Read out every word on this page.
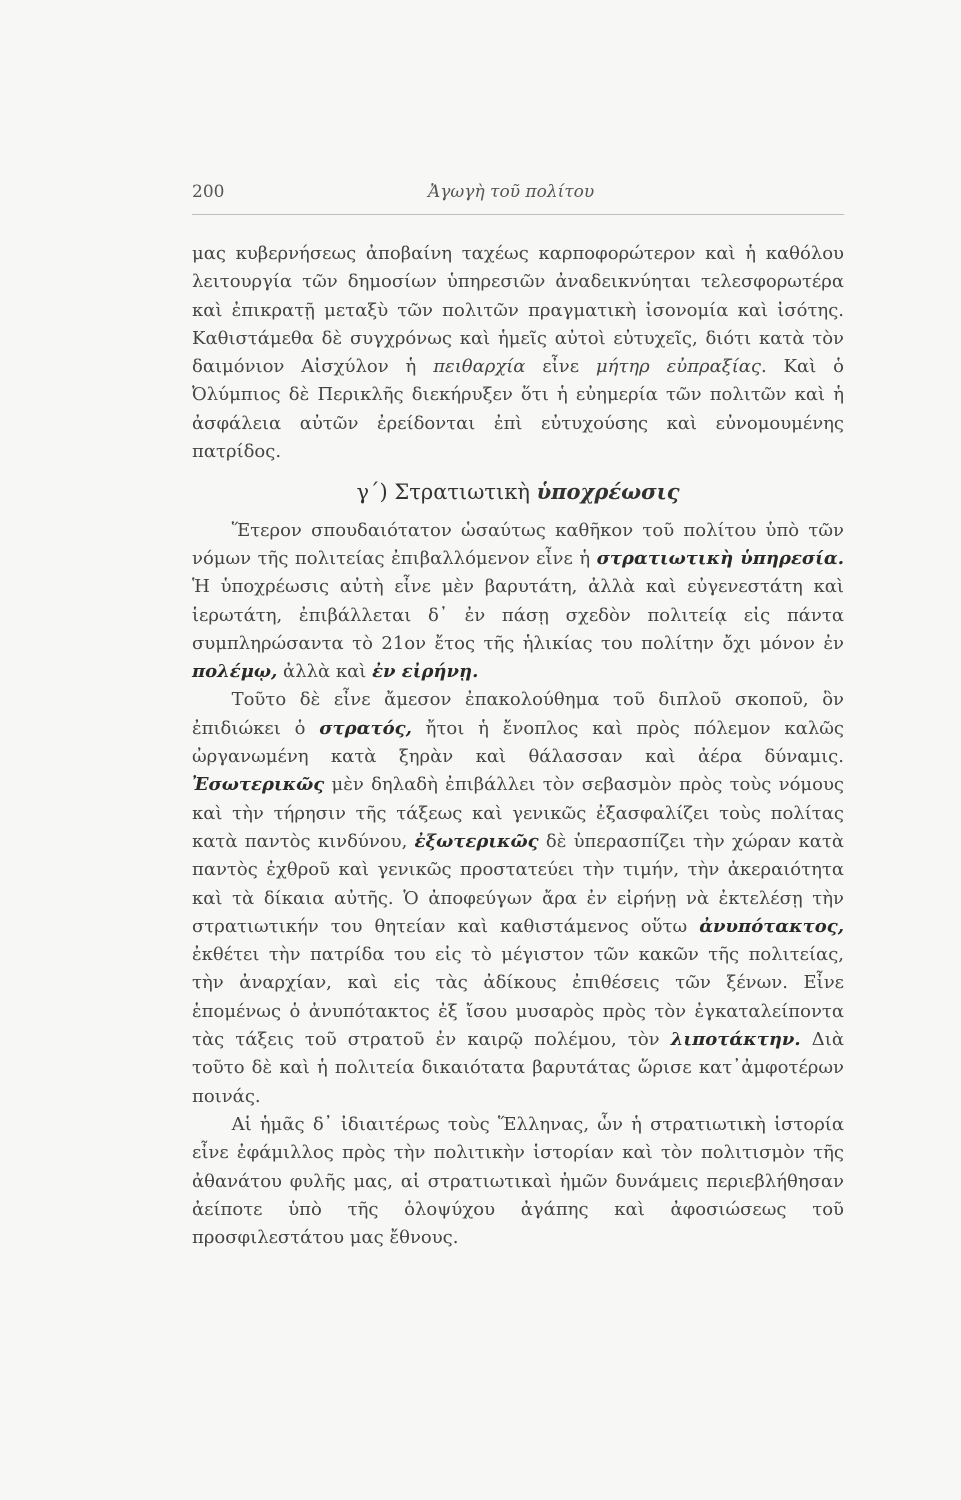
200	Ἀγωγὴ τοῦ πολίτου

μας κυβερνήσεως ἀποβαίνη ταχέως καρποφορώτερον καὶ ἡ καθόλου λειτουργία τῶν δημοσίων ὑπηρεσιῶν ἀναδεικνύηται τελεσφορωτέρα καὶ ἐπικρατῇ μεταξὺ τῶν πολιτῶν πραγματικὴ ἰσονομία καὶ ἰσότης. Καθιστάμεθα δὲ συγχρόνως καὶ ἡμεῖς αὐτοὶ εὐτυχεῖς, διότι κατὰ τὸν δαιμόνιον Αἰσχύλον ἡ πειθαρχία εἶνε μήτηρ εὐπραξίας. Καὶ ὁ Ὀλύμπιος δὲ Περικλῆς διεκήρυξεν ὅτι ἡ εὐημερία τῶν πολιτῶν καὶ ἡ ἀσφάλεια αὐτῶν ἐρείδονται ἐπὶ εὐτυχούσης καὶ εὐνομουμένης πατρίδος.

γ΄) Στρατιωτικὴ ὑποχρέωσις

Ἕτερον σπουδαιότατον ὡσαύτως καθῆκον τοῦ πολίτου ὑπὸ τῶν νόμων τῆς πολιτείας ἐπιβαλλόμενον εἶνε ἡ στρατιωτικὴ ὑπηρεσία. Ἡ ὑποχρέωσις αὐτὴ εἶνε μὲν βαρυτάτη, ἀλλὰ καὶ εὐγενεστάτη καὶ ἱερωτάτη, ἐπιβάλλεται δ᾽ ἐν πάσῃ σχεδὸν πολιτείᾳ εἰς πάντα συμπληρώσαντα τὸ 21ον ἔτος τῆς ἡλικίας του πολίτην ὄχι μόνον ἐν πολέμῳ, ἀλλὰ καὶ ἐν εἰρήνῃ.

Τοῦτο δὲ εἶνε ἄμεσον ἐπακολούθημα τοῦ διπλοῦ σκοποῦ, ὃν ἐπιδιώκει ὁ στρατός, ἤτοι ἡ ἔνοπλος καὶ πρὸς πόλεμον καλῶς ὠργανωμένη κατὰ ξηρὰν καὶ θάλασσαν καὶ ἀέρα δύναμις. Ἐσωτερικῶς μὲν δηλαδὴ ἐπιβάλλει τὸν σεβασμὸν πρὸς τοὺς νόμους καὶ τὴν τήρησιν τῆς τάξεως καὶ γενικῶς ἐξασφαλίζει τοὺς πολίτας κατὰ παντὸς κινδύνου, ἐξωτερικῶς δὲ ὑπερασπίζει τὴν χώραν κατὰ παντὸς ἐχθροῦ καὶ γενικῶς προστατεύει τὴν τιμήν, τὴν ἀκεραιότητα καὶ τὰ δίκαια αὐτῆς. Ὁ ἀποφεύγων ἄρα ἐν εἰρήνῃ νὰ ἐκτελέσῃ τὴν στρατιωτικήν του θητείαν καὶ καθιστάμενος οὕτω ἀνυπότακτος, ἐκθέτει τὴν πατρίδα του εἰς τὸ μέγιστον τῶν κακῶν τῆς πολιτείας, τὴν ἀναρχίαν, καὶ εἰς τὰς ἀδίκους ἐπιθέσεις τῶν ξένων. Εἶνε ἑπομένως ὁ ἀνυπότακτος ἐξ ἴσου μυσαρὸς πρὸς τὸν ἐγκαταλείποντα τὰς τάξεις τοῦ στρατοῦ ἐν καιρῷ πολέμου, τὸν λιποτάκτην. Διὰ τοῦτο δὲ καὶ ἡ πολιτεία δικαιότατα βαρυτάτας ὥρισε κατ᾽ἀμφοτέρων ποινάς.

Αἱ ἡμᾶς δ᾽ ἰδιαιτέρως τοὺς Ἕλληνας, ὧν ἡ στρατιωτικὴ ἱστορία εἶνε ἐφάμιλλος πρὸς τὴν πολιτικὴν ἱστορίαν καὶ τὸν πολιτισμὸν τῆς ἀθανάτου φυλῆς μας, αἱ στρατιωτικαὶ ἡμῶν δυνάμεις περιεβλήθησαν ἀείποτε ὑπὸ τῆς ὁλοψύχου ἀγάπης καὶ ἀφοσιώσεως τοῦ προσφιλεστάτου μας ἔθνους.
